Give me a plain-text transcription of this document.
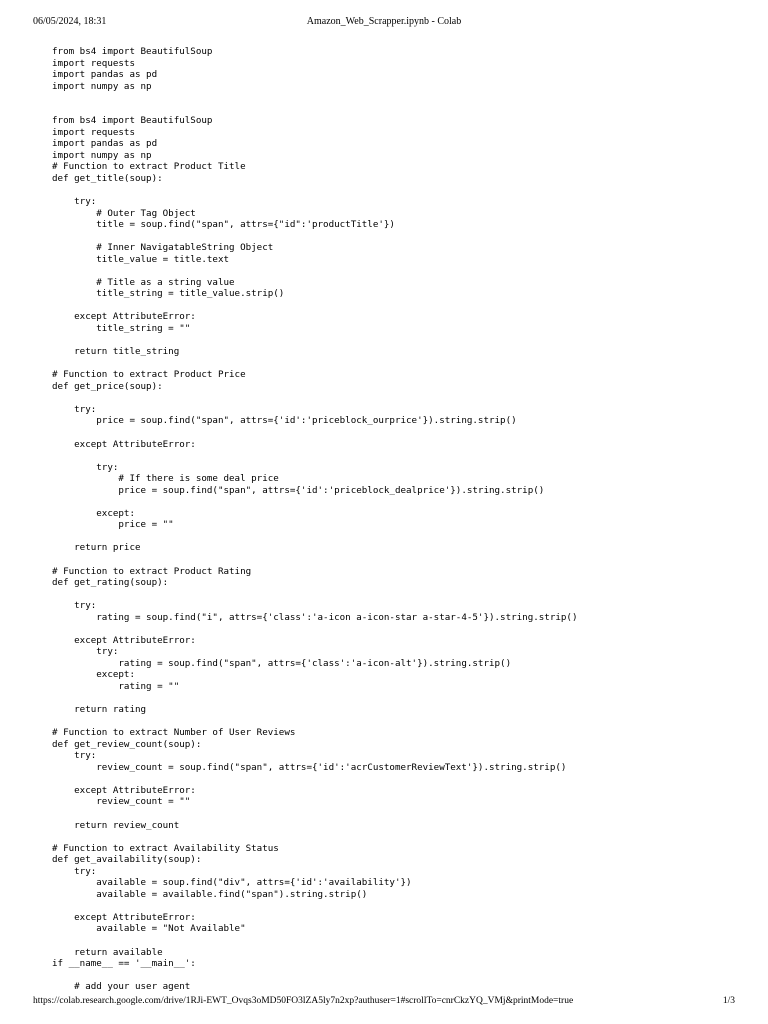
06/05/2024, 18:31	Amazon_Web_Scrapper.ipynb - Colab
from bs4 import BeautifulSoup
import requests
import pandas as pd
import numpy as np
from bs4 import BeautifulSoup
import requests
import pandas as pd
import numpy as np
# Function to extract Product Title
def get_title(soup):
try:
# Outer Tag Object
title = soup.find("span", attrs={"id":'productTitle'})
# Inner NavigatableString Object
title_value = title.text
# Title as a string value
title_string = title_value.strip()
except AttributeError:
title_string = ""
return title_string
# Function to extract Product Price
def get_price(soup):
try:
price = soup.find("span", attrs={'id':'priceblock_ourprice'}).string.strip()
except AttributeError:
try:
# If there is some deal price
price = soup.find("span", attrs={'id':'priceblock_dealprice'}).string.strip()
except:
price = ""
return price
# Function to extract Product Rating
def get_rating(soup):
try:
rating = soup.find("i", attrs={'class':'a-icon a-icon-star a-star-4-5'}).string.strip()
except AttributeError:
try:
rating = soup.find("span", attrs={'class':'a-icon-alt'}).string.strip()
except:
rating = ""
return rating
# Function to extract Number of User Reviews
def get_review_count(soup):
try:
review_count = soup.find("span", attrs={'id':'acrCustomerReviewText'}).string.strip()
except AttributeError:
review_count = ""
return review_count
# Function to extract Availability Status
def get_availability(soup):
try:
available = soup.find("div", attrs={'id':'availability'})
available = available.find("span").string.strip()
except AttributeError:
available = "Not Available"
return available
if __name__ == '__main__':
# add your user agent
https://colab.research.google.com/drive/1RJi-EWT_Ovqs3oMD50FO3lZA5ly7n2xp?authuser=1#scrollTo=cnrCkzYQ_VMj&printMode=true	1/3
